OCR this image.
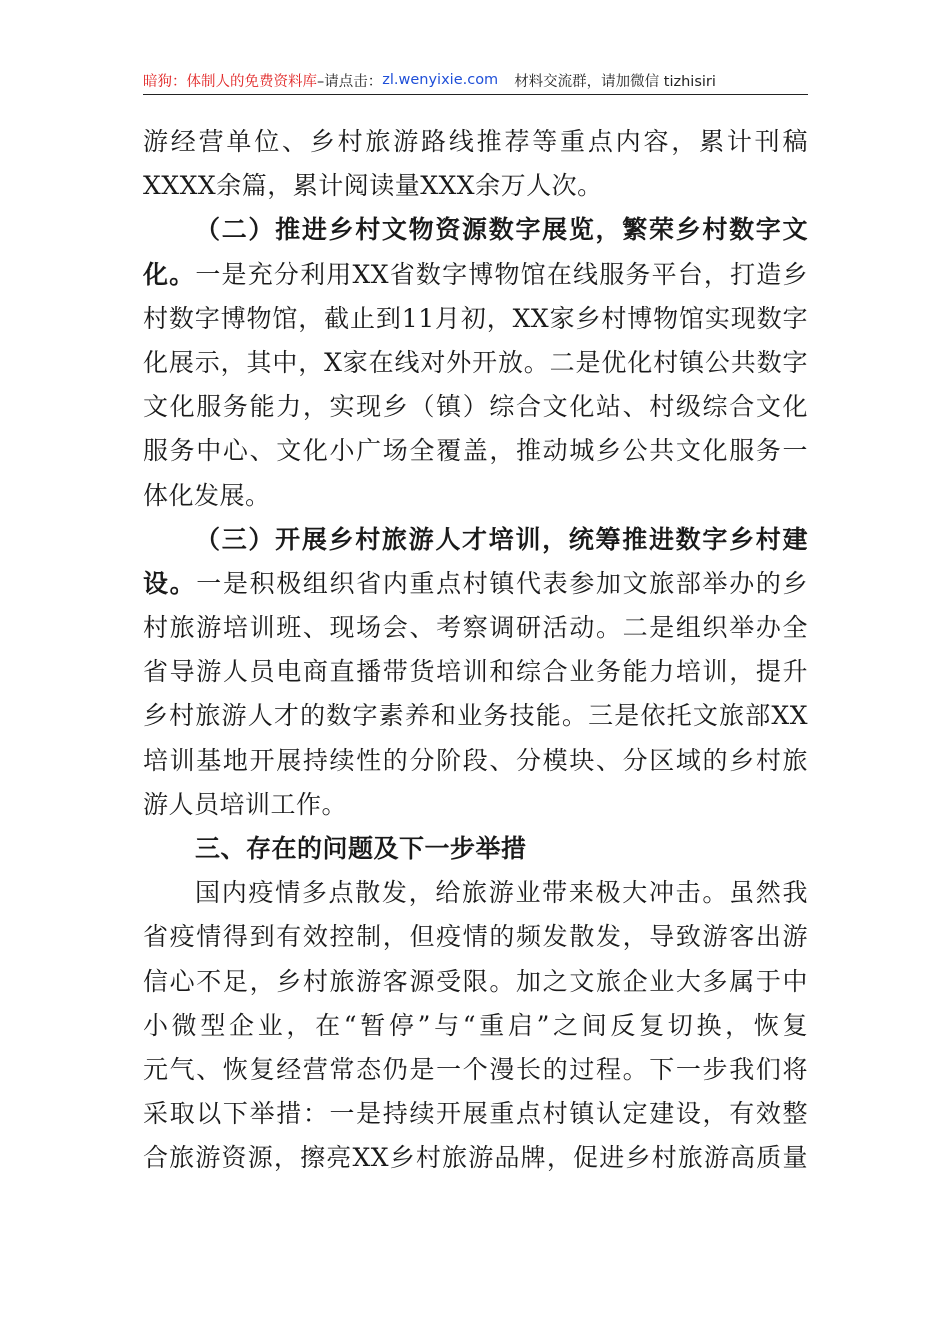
暗狗：体制人的免费资料库 –请点击： zl.wenyixie.com 材料交流群，请加微信 tizhisiri
游经营单位、乡村旅游路线推荐等重点内容，累计刊稿
XXXX余篇，累计阅读量XXX余万人次。
（二）推进乡村文物资源数字展览，繁荣乡村数字文
化。一是充分利用XX省数字博物馆在线服务平台，打造乡
村数字博物馆，截止到11月初，XX家乡村博物馆实现数字
化展示，其中，X家在线对外开放。二是优化村镇公共数字
文化服务能力，实现乡（镇）综合文化站、村级综合文化
服务中心、文化小广场全覆盖，推动城乡公共文化服务一
体化发展。
（三）开展乡村旅游人才培训，统筹推进数字乡村建
设。一是积极组织省内重点村镇代表参加文旅部举办的乡
村旅游培训班、现场会、考察调研活动。二是组织举办全
省导游人员电商直播带货培训和综合业务能力培训，提升
乡村旅游人才的数字素养和业务技能。三是依托文旅部XX
培训基地开展持续性的分阶段、分模块、分区域的乡村旅
游人员培训工作。
三、存在的问题及下一步举措
国内疫情多点散发，给旅游业带来极大冲击。虽然我
省疫情得到有效控制，但疫情的频发散发，导致游客出游
信心不足，乡村旅游客源受限。加之文旅企业大多属于中
小微型企业，在“暂停”与“重启”之间反复切换，恢复
元气、恢复经营常态仍是一个漫长的过程。下一步我们将
采取以下举措：一是持续开展重点村镇认定建设，有效整
合旅游资源，擦亮XX乡村旅游品牌，促进乡村旅游高质量
